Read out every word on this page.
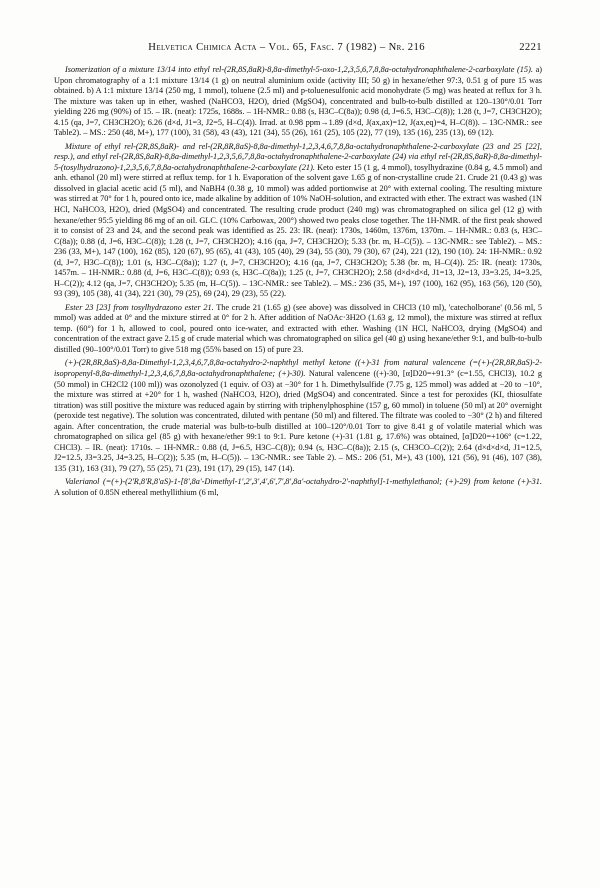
Helvetica Chimica Acta – Vol. 65, Fasc. 7 (1982) – Nr. 216	2221

Isomerization of a mixture 13/14 into ethyl rel-(2R,8S,8aR)-8,8a-dimethyl-5-oxo-1,2,3,5,6,7,8,8a-octahydronaphthalene-2-carboxylate (15). a) Upon chromatography of a 1:1 mixture 13/14 (1 g) on neutral aluminium oxide (activity III; 50 g) in hexane/ether 97:3, 0.51 g of pure 15 was obtained. b) A 1:1 mixture 13/14 (250 mg, 1 mmol), toluene (2.5 ml) and p-toluenesulfonic acid monohydrate (5 mg) was heated at reflux for 3 h. The mixture was taken up in ether, washed (NaHCO3, H2O), dried (MgSO4), concentrated and bulb-to-bulb distilled at 120–130°/0.01 Torr yielding 226 mg (90%) of 15. – IR. (neat): 1725s, 1688s. – 1H-NMR.: 0.88 (s, H3C–C(8a)); 0.98 (d, J=6.5, H3C–C(8)); 1.28 (t, J=7, CH3CH2O); 4.15 (qa, J=7, CH3CH2O); 6.26 (d×d, J1=3, J2=5, H–C(4)). Irrad. at 0.98 ppm→1.89 (d×d, J(ax,ax)=12, J(ax,eq)=4, H–C(8)). – 13C-NMR.: see Table2). – MS.: 250 (48, M+), 177 (100), 31 (58), 43 (43), 121 (34), 55 (26), 161 (25), 105 (22), 77 (19), 135 (16), 235 (13), 69 (12).

Mixture of ethyl rel-(2R,8S,8aR)- and rel-(2R,8R,8aS)-8,8a-dimethyl-1,2,3,4,6,7,8,8a-octahydronaphthalene-2-carboxylate (23 and 25 [22], resp.), and ethyl rel-(2R,8S,8aR)-8,8a-dimethyl-1,2,3,5,6,7,8,8a-octahydronaphthalene-2-carboxylate (24) via ethyl rel-(2R,8S,8aR)-8,8a-dimethyl-5-(tosylhydrazono)-1,2,3,5,6,7,8,8a-octahydronaphthalene-2-carboxylate (21). Keto ester 15 (1 g, 4 mmol), tosylhydrazine (0.84 g, 4.5 mmol) and anh. ethanol (20 ml) were stirred at reflux temp. for 1 h. Evaporation of the solvent gave 1.65 g of non-crystalline crude 21. Crude 21 (0.43 g) was dissolved in glacial acetic acid (5 ml), and NaBH4 (0.38 g, 10 mmol) was added portionwise at 20° with external cooling. The resulting mixture was stirred at 70° for 1 h, poured onto ice, made alkaline by addition of 10% NaOH-solution, and extracted with ether. The extract was washed (1N HCl, NaHCO3, H2O), dried (MgSO4) and concentrated. The resulting crude product (240 mg) was chromatographed on silica gel (12 g) with hexane/ether 95:5 yielding 86 mg of an oil. GLC. (10% Carbowax, 200°) showed two peaks close together. The 1H-NMR. of the first peak showed it to consist of 23 and 24, and the second peak was identified as 25. 23: IR. (neat): 1730s, 1460m, 1376m, 1370m. – 1H-NMR.: 0.83 (s, H3C–C(8a)); 0.88 (d, J=6, H3C–C(8)); 1.28 (t, J=7, CH3CH2O); 4.16 (qa, J=7, CH3CH2O); 5.33 (br. m, H–C(5)). – 13C-NMR.: see Table2). – MS.: 236 (33, M+), 147 (100), 162 (85), 120 (67), 95 (65), 41 (43), 105 (40), 29 (34), 55 (30), 79 (30), 67 (24), 221 (12), 190 (10). 24: 1H-NMR.: 0.92 (d, J=7, H3C–C(8)); 1.01 (s, H3C–C(8a)); 1.27 (t, J=7, CH3CH2O); 4.16 (qa, J=7, CH3CH2O); 5.38 (br. m, H–C(4)). 25: IR. (neat): 1730s, 1457m. – 1H-NMR.: 0.88 (d, J=6, H3C–C(8)); 0.93 (s, H3C–C(8a)); 1.25 (t, J=7, CH3CH2O); 2.58 (d×d×d×d, J1=13, J2=13, J3=3.25, J4=3.25, H–C(2)); 4.12 (qa, J=7, CH3CH2O); 5.35 (m, H–C(5)). – 13C-NMR.: see Table2). – MS.: 236 (35, M+), 197 (100), 162 (95), 163 (56), 120 (50), 93 (39), 105 (38), 41 (34), 221 (30), 79 (25), 69 (24), 29 (23), 55 (22).

Ester 23 [23] from tosylhydrazono ester 21. The crude 21 (1.65 g) (see above) was dissolved in CHCl3 (10 ml), 'catecholborane' (0.56 ml, 5 mmol) was added at 0° and the mixture stirred at 0° for 2 h. After addition of NaOAc·3H2O (1.63 g, 12 mmol), the mixture was stirred at reflux temp. (60°) for 1 h, allowed to cool, poured onto ice-water, and extracted with ether. Washing (1N HCl, NaHCO3, drying (MgSO4) and concentration of the extract gave 2.15 g of crude material which was chromatographed on silica gel (40 g) using hexane/ether 9:1, and bulb-to-bulb distilled (90–100°/0.01 Torr) to give 518 mg (55% based on 15) of pure 23.

(+)-(2R,8R,8aS)-8,8a-Dimethyl-1,2,3,4,6,7,8,8a-octahydro-2-naphthyl methyl ketone ((+)-31 from natural valencene (=(+)-(2R,8R,8aS)-2-isopropenyl-8,8a-dimethyl-1,2,3,4,6,7,8,8a-octahydronaphthalene; (+)-30). Natural valencene ((+)-30, [α]D20=+91.3° (c=1.55, CHCl3), 10.2 g (50 mmol) in CH2Cl2 (100 ml)) was ozonolyzed (1 equiv. of O3) at −30° for 1 h. Dimethylsulfide (7.75 g, 125 mmol) was added at −20 to −10°, the mixture was stirred at +20° for 1 h, washed (NaHCO3, H2O), dried (MgSO4) and concentrated. Since a test for peroxides (KI, thiosulfate titration) was still positive the mixture was reduced again by stirring with triphenylphosphine (157 g, 60 mmol) in toluene (50 ml) at 20° overnight (peroxide test negative). The solution was concentrated, diluted with pentane (50 ml) and filtered. The filtrate was cooled to −30° (2 h) and filtered again. After concentration, the crude material was bulb-to-bulb distilled at 100–120°/0.01 Torr to give 8.41 g of volatile material which was chromatographed on silica gel (85 g) with hexane/ether 99:1 to 9:1. Pure ketone (+)-31 (1.81 g, 17.6%) was obtained, [α]D20=+106° (c=1.22, CHCl3). – IR. (neat): 1710s. – 1H-NMR.: 0.88 (d, J=6.5, H3C–C(8)); 0.94 (s, H3C–C(8a)); 2.15 (s, CH3CO–C(2)); 2.64 (d×d×d×d, J1=12.5, J2=12.5, J3=3.25, J4=3.25, H–C(2)); 5.35 (m, H–C(5)). – 13C-NMR.: see Table 2). – MS.: 206 (51, M+), 43 (100), 121 (56), 91 (46), 107 (38), 135 (31), 163 (31), 79 (27), 55 (25), 71 (23), 191 (17), 29 (15), 147 (14).

Valerianol (=(+)-(2'R,8'R,8'aS)-1-[8',8a'-Dimethyl-1',2',3',4',6',7',8',8a'-octahydro-2'-naphthyl]-1-methylethanol; (+)-29) from ketone (+)-31. A solution of 0.85N ethereal methyllithium (6 ml,
